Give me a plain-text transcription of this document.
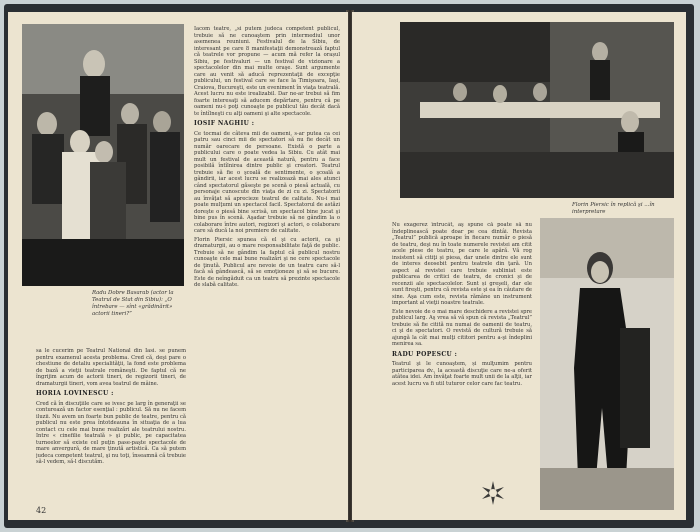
Radu Dobre Basarab (actor la Teatrul de Stat din Sibiu): „O întrebare — sînt «grădinărit» actorii tineri?”

sa le cucerim pe Teatrul National din Iasi. se punem pentru examenul acesta problema. Cred că, deşi pare o chestiune de detaliu specialităţii, la fond este problema de bază a vieţii teatrale româneşti. De faptul că ne îngrijim acum de actorii tineri, de regizorii tineri, de dramaturgii tineri, vom avea teatrul de mâine.

HORIA LOVINESCU :

Cred că în discuţiile care se ivesc pe larg în generaţii se conturează un factor esenţial : publicul. Să nu ne facem iluzii. Nu avem un foarte bun public de teatre, pentru că publicul nu este prea întotdeauna în situaţia de a lua contact cu cele mai bune realizări ale teatrului nostru. Intre « cinefilie teatrală » şi public, pe capacitatea turneelor să existe cel puţin pase-paşte spectacole de mare anvergură, de mare ţinută artistică. Ca să putem judeca competent teatrul, şi nu toţi, înseamnă că trebuie să-l vedem, să-l discutăm.

Iacom teatre, „si putem judeca competent publicul, trebuie să ne cunoaştem prin intermediul unor asemenea reuniuni. Festivalul de la Sibiu, de interesant pe care 8 manifestaţii demonstrează faptul că teatrele vor propune — acum mă refer la orașul Sibiu, pe festivaluri — un festival de vizionare a spectacolelor din mai multe oraşe. Sunt argumente care au venit să aducă reprezentaţii de excepţie publicului, un festival care se face la Timişoara, Iași, Craiova, Bucureşti, este un eveniment în viaţa teatrală. Acest lucru nu este irealizabil. Dar ne-ar trebui să fim foarte interesaţi să aducem depărtare, pentru că pe oameni nu-i poţi cunoaşte pe publicul tău decât dacă te întîlneşti cu alţi oameni şi alte spectacole.

IOSIF NAGHIU :

Ce tocmai de câteva mii de oameni, s-ar putea ca cei patru sau cinci mii de spectatori să nu fie decât un număr oarecare de persoane. Există o parte a publicului care o poate vedea la Sibiu. Cu atât mai mult un festival de această natură, pentru a face posibilă întîlnirea dintre public şi creatori. Teatrul trebuie să fie o şcoală de sentimente, o şcoală a gândirii, iar acest lucru se realizează mai ales atunci când spectatorul găseşte pe scenă o piesă actuală, cu personaje cunoscute din viaţa de zi cu zi. Spectatorii au învăţat să aprecieze teatrul de calitate. Nu-i mai poate mulţumi un spectacol facil. Spectatorul de astăzi doreşte o piesă bine scrisă, un spectacol bine jucat şi bine pus în scenă. Aşadar trebuie să ne gândim la o colaborare între autori, regizori şi actori, o colaborare care să ducă la noi premiere de calitate.

Florin Piersic spunea că el şi cu actorii, ca şi dramaturgii, au o mare responsabilitate faţă de public. Trebuie să ne gândim la faptul că publicul nostru cunoaşte cele mai bune realizări şi ne cere spectacole de ţinută. Publicul are nevoie de un teatru care să-l facă să gândească, să se emoţioneze şi să se bucure. Este de neîngăduit ca un teatru să prezinte spectacole de slabă calitate.

42
Florin Piersic în replică şi ...în interpretare

Nu exagerez întrucât, aş spune că poate să nu îndeplinească poate doar pe cea dintâi. Revista „Teatrul” publică aproape în fiecare număr o piesă de teatru, deşi nu în toate numerele revistei am citit acele piese de teatru, pe care le apără. Vă rog insistent să citiţi și piesa, dar unele dintre ele sunt de interes deosebit pentru teatrele din ţară. Un aspect al revistei care trebuie subliniat este publicarea de critici de teatru, de cronici și de recenzii ale spectacolelor. Sunt și greşeli, dar ele sunt fireşti, pentru că revista este şi ea în căutare de sine. Aşa cum este, revista rămâne un instrument important al vieţii noastre teatrale.

Este nevoie de o mai mare deschidere a revistei spre publicul larg. Aş vrea să vă spun că revista „Teatrul” trebuie să fie citită nu numai de oamenii de teatru, ci şi de spectatori. O revistă de cultură trebuie să ajungă la cât mai mulţi cititori pentru a-şi îndeplini menirea sa.

RADU POPESCU :

Teatrul şi le cunoaştem, și mulţumim pentru participarea dv., la această discuţie care ne-a oferit atâtea idei. Am învăţat foarte mult unii de la alţii, iar acest lucru va fi util tuturor celor care fac teatru.
